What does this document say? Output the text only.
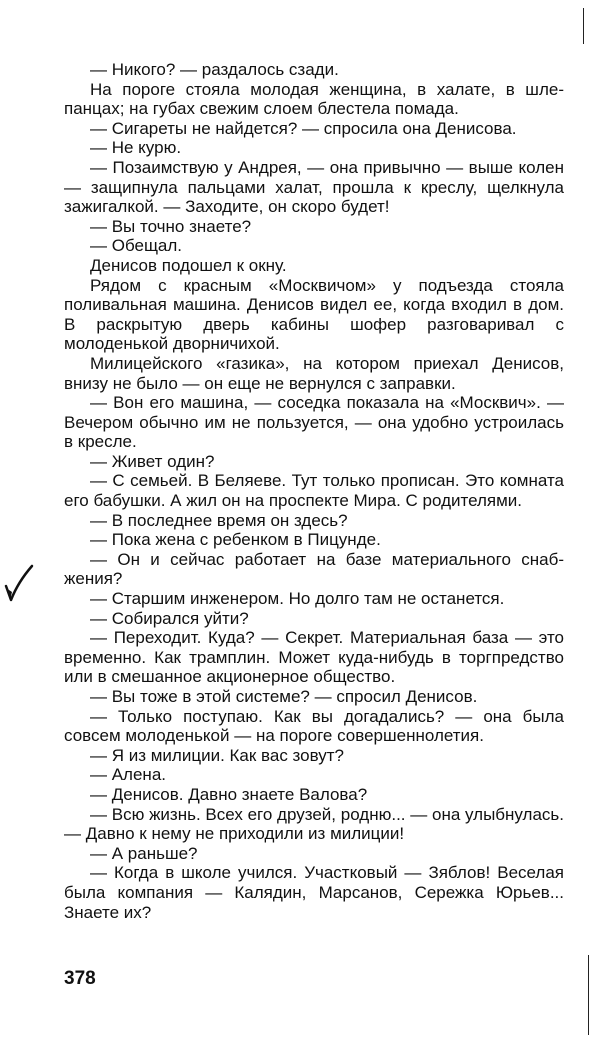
— Никого? — раздалось сзади.

На пороге стояла молодая женщина, в халате, в шлепанцах; на губах свежим слоем блестела помада.

— Сигареты не найдется? — спросила она Денисова.

— Не курю.

— Позаимствую у Андрея, — она привычно — выше колен — защипнула пальцами халат, прошла к креслу, щелкнула зажигалкой. — Заходите, он скоро будет!

— Вы точно знаете?

— Обещал.

Денисов подошел к окну.

Рядом с красным «Москвичом» у подъезда стояла поливальная машина. Денисов видел ее, когда входил в дом. В раскрытую дверь кабины шофер разговаривал с молоденькой дворничихой.

Милицейского «газика», на котором приехал Денисов, внизу не было — он еще не вернулся с заправки.

— Вон его машина, — соседка показала на «Москвич». — Вечером обычно им не пользуется, — она удобно устроилась в кресле.

— Живет один?

— С семьей. В Беляеве. Тут только прописан. Это комната его бабушки. А жил он на проспекте Мира. С родителями.

— В последнее время он здесь?

— Пока жена с ребенком в Пицунде.

— Он и сейчас работает на базе материального снабжения?

— Старшим инженером. Но долго там не останется.

— Собирался уйти?

— Переходит. Куда? — Секрет. Материальная база — это временно. Как трамплин. Может куда-нибудь в торгпредство или в смешанное акционерное общество.

— Вы тоже в этой системе? — спросил Денисов.

— Только поступаю. Как вы догадались? — она была совсем молоденькой — на пороге совершеннолетия.

— Я из милиции. Как вас зовут?

— Алена.

— Денисов. Давно знаете Валова?

— Всю жизнь. Всех его друзей, родню... — она улыбнулась. — Давно к нему не приходили из милиции!

— А раньше?

— Когда в школе учился. Участковый — Зяблов! Веселая была компания — Калядин, Марсанов, Сережка Юрьев... Знаете их?

378
